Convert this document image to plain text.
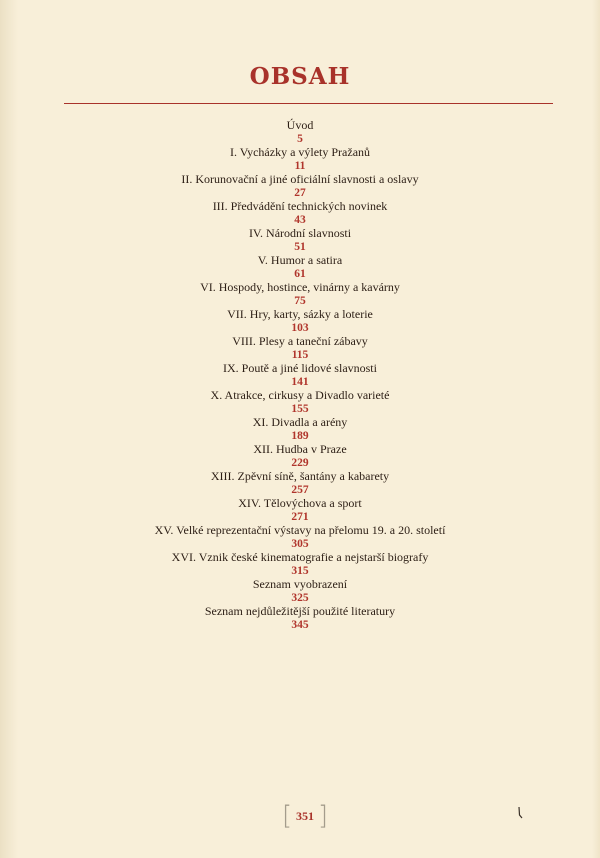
OBSAH
Úvod
5
I. Vycházky a výlety Pražanů
11
II. Korunovační a jiné oficiální slavnosti a oslavy
27
III. Předvádění technických novinek
43
IV. Národní slavnosti
51
V. Humor a satira
61
VI. Hospody, hostince, vinárny a kavárny
75
VII. Hry, karty, sázky a loterie
103
VIII. Plesy a taneční zábavy
115
IX. Poutě a jiné lidové slavnosti
141
X. Atrakce, cirkusy a Divadlo varieté
155
XI. Divadla a arény
189
XII. Hudba v Praze
229
XIII. Zpěvní síně, šantány a kabarety
257
XIV. Tělovýchova a sport
271
XV. Velké reprezentační výstavy na přelomu 19. a 20. století
305
XVI. Vznik české kinematografie a nejstarší biografy
315
Seznam vyobrazení
325
Seznam nejdůležitější použité literatury
345
[ 351 ]
